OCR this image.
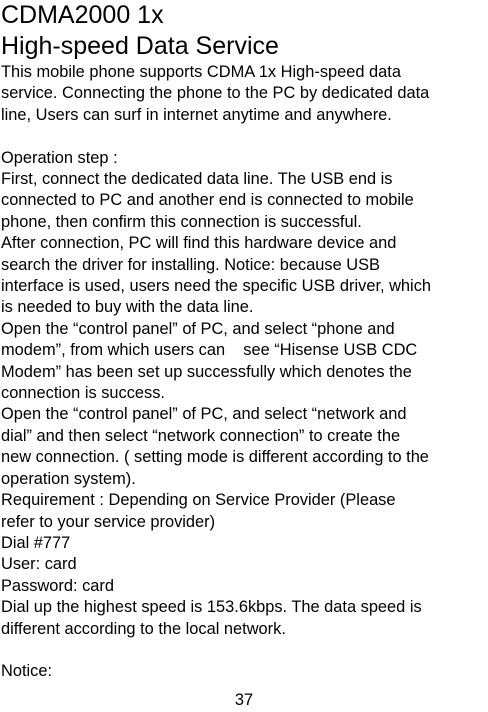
CDMA2000 1x
High-speed Data Service

This mobile phone supports CDMA 1x High-speed data

service. Connecting the phone to the PC by dedicated data

line, Users can surf in internet anytime and anywhere.

Operation step :

First, connect the dedicated data line. The USB end is

connected to PC and another end is connected to mobile

phone, then confirm this connection is successful.

After connection, PC will find this hardware device and

search the driver for installing. Notice: because USB

interface is used, users need the specific USB driver, which

is needed to buy with the data line.

Open the “control panel” of PC, and select “phone and

modem”, from which users can    see “Hisense USB CDC

Modem” has been set up successfully which denotes the

connection is success.

Open the “control panel” of PC, and select “network and

dial” and then select “network connection” to create the

new connection. ( setting mode is different according to the

operation system).

Requirement : Depending on Service Provider (Please

refer to your service provider)

Dial #777

User: card

Password: card

Dial up the highest speed is 153.6kbps. The data speed is

different according to the local network.

Notice:

37
